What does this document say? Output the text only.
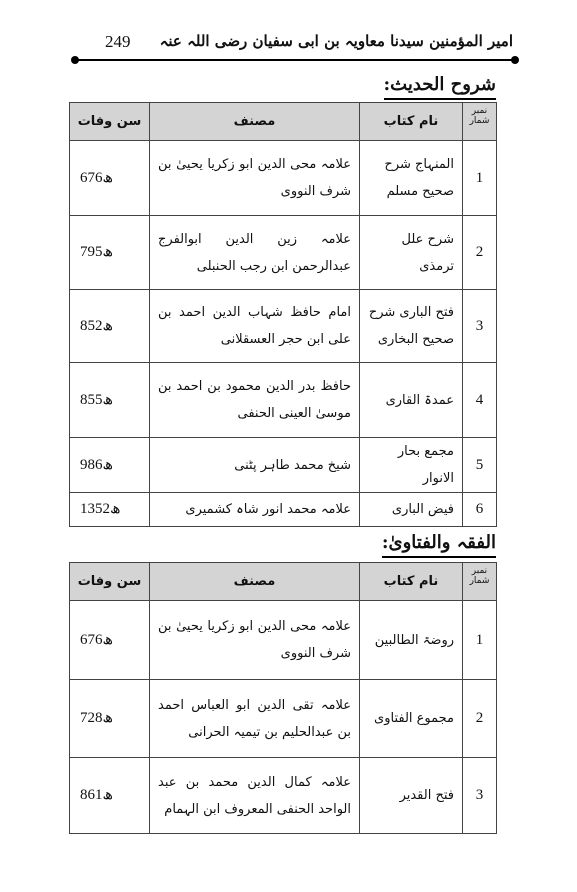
امیر المؤمنین سیدنا معاویہ بن ابی سفیان رضی اللہ عنہ
249
شروح الحدیث:
نمبر شمار	نام کتاب	مصنف	سن وفات
1	المنہاج شرح صحیح مسلم	علامہ محی الدین ابو زکریا یحییٰ بن شرف النووی	676ھ
2	شرح علل ترمذی	علامہ زین الدین ابوالفرج عبدالرحمن ابن رجب الحنبلی	795ھ
3	فتح الباری شرح صحیح البخاری	امام حافظ شہاب الدین احمد بن علی ابن حجر العسقلانی	852ھ
4	عمدۃ القاری	حافظ بدر الدین محمود بن احمد بن موسیٰ العینی الحنفی	855ھ
5	مجمع بحار الانوار	شیخ محمد طاہر پٹنی	986ھ
6	فیض الباری	علامہ محمد انور شاہ کشمیری	1352ھ
الفقہ والفتاویٰ:
نمبر شمار	نام کتاب	مصنف	سن وفات
1	روضۃ الطالبین	علامہ محی الدین ابو زکریا یحییٰ بن شرف النووی	676ھ
2	مجموع الفتاوی	علامہ تقی الدین ابو العباس احمد بن عبدالحلیم بن تیمیہ الحرانی	728ھ
3	فتح القدیر	علامہ کمال الدین محمد بن عبد الواحد الحنفی المعروف ابن الہمام	861ھ
